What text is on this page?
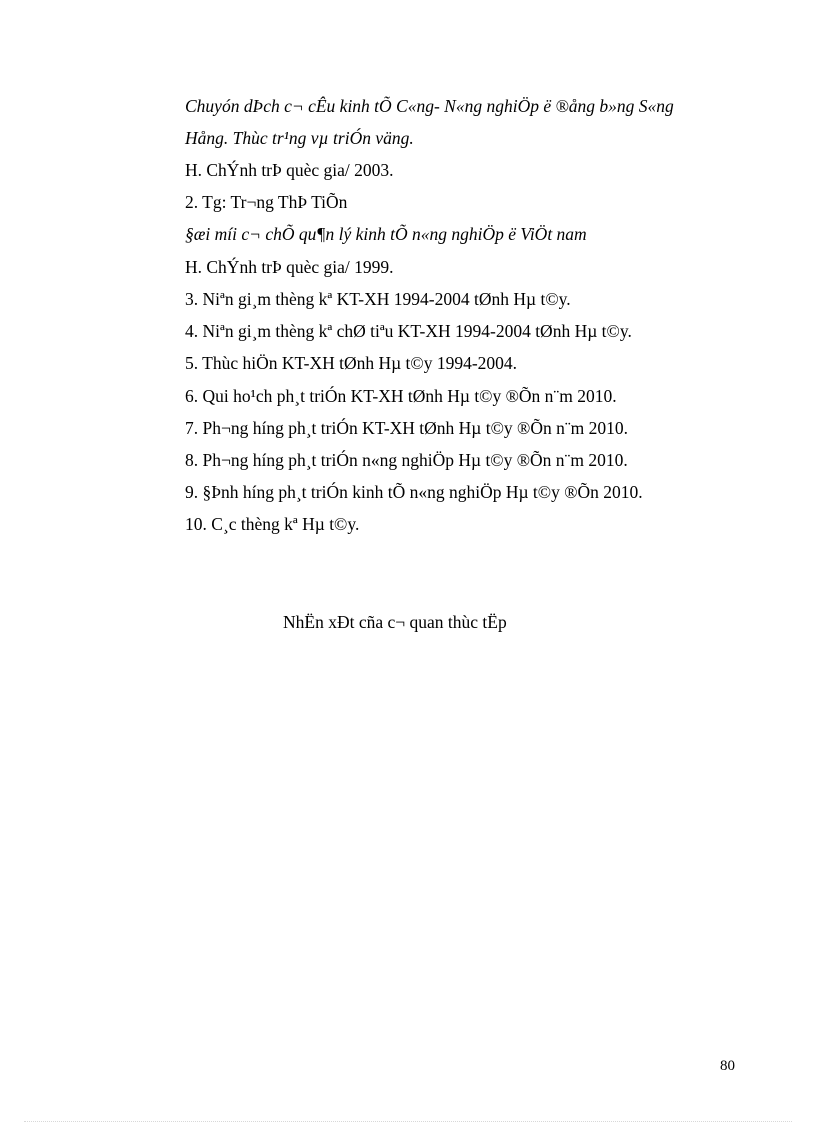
Chuyón dÞch c¬ cÊu kinh tÕ C«ng- N«ng nghiÖp ë ®ång b»ng S«ng
Hång. Thùc tr¹ng vµ triÓn väng.
H. ChÝnh trÞ quèc gia/ 2003.
2. Tg: Tr¬ng ThÞ TiÕn
§æi míi c¬ chÕ qu¶n lý kinh tÕ n«ng nghiÖp ë ViÖt nam
H. ChÝnh trÞ quèc gia/ 1999.
3. Niªn gi¸m thèng kª KT-XH 1994-2004 tØnh Hµ t©y.
4. Niªn gi¸m thèng kª chØ tiªu KT-XH 1994-2004 tØnh Hµ t©y.
5. Thùc hiÖn KT-XH tØnh Hµ t©y 1994-2004.
6. Qui ho¹ch ph¸t triÓn KT-XH tØnh Hµ t©y ®Õn n¨m 2010.
7. Ph¬ng híng ph¸t triÓn KT-XH tØnh Hµ t©y ®Õn n¨m 2010.
8. Ph¬ng híng ph¸t triÓn n«ng nghiÖp Hµ t©y ®Õn n¨m 2010.
9. §Þnh híng ph¸t triÓn kinh tÕ n«ng nghiÖp Hµ t©y ®Õn 2010.
10. C¸c thèng kª Hµ t©y.
NhËn xÐt cña c¬ quan thùc tËp
80
